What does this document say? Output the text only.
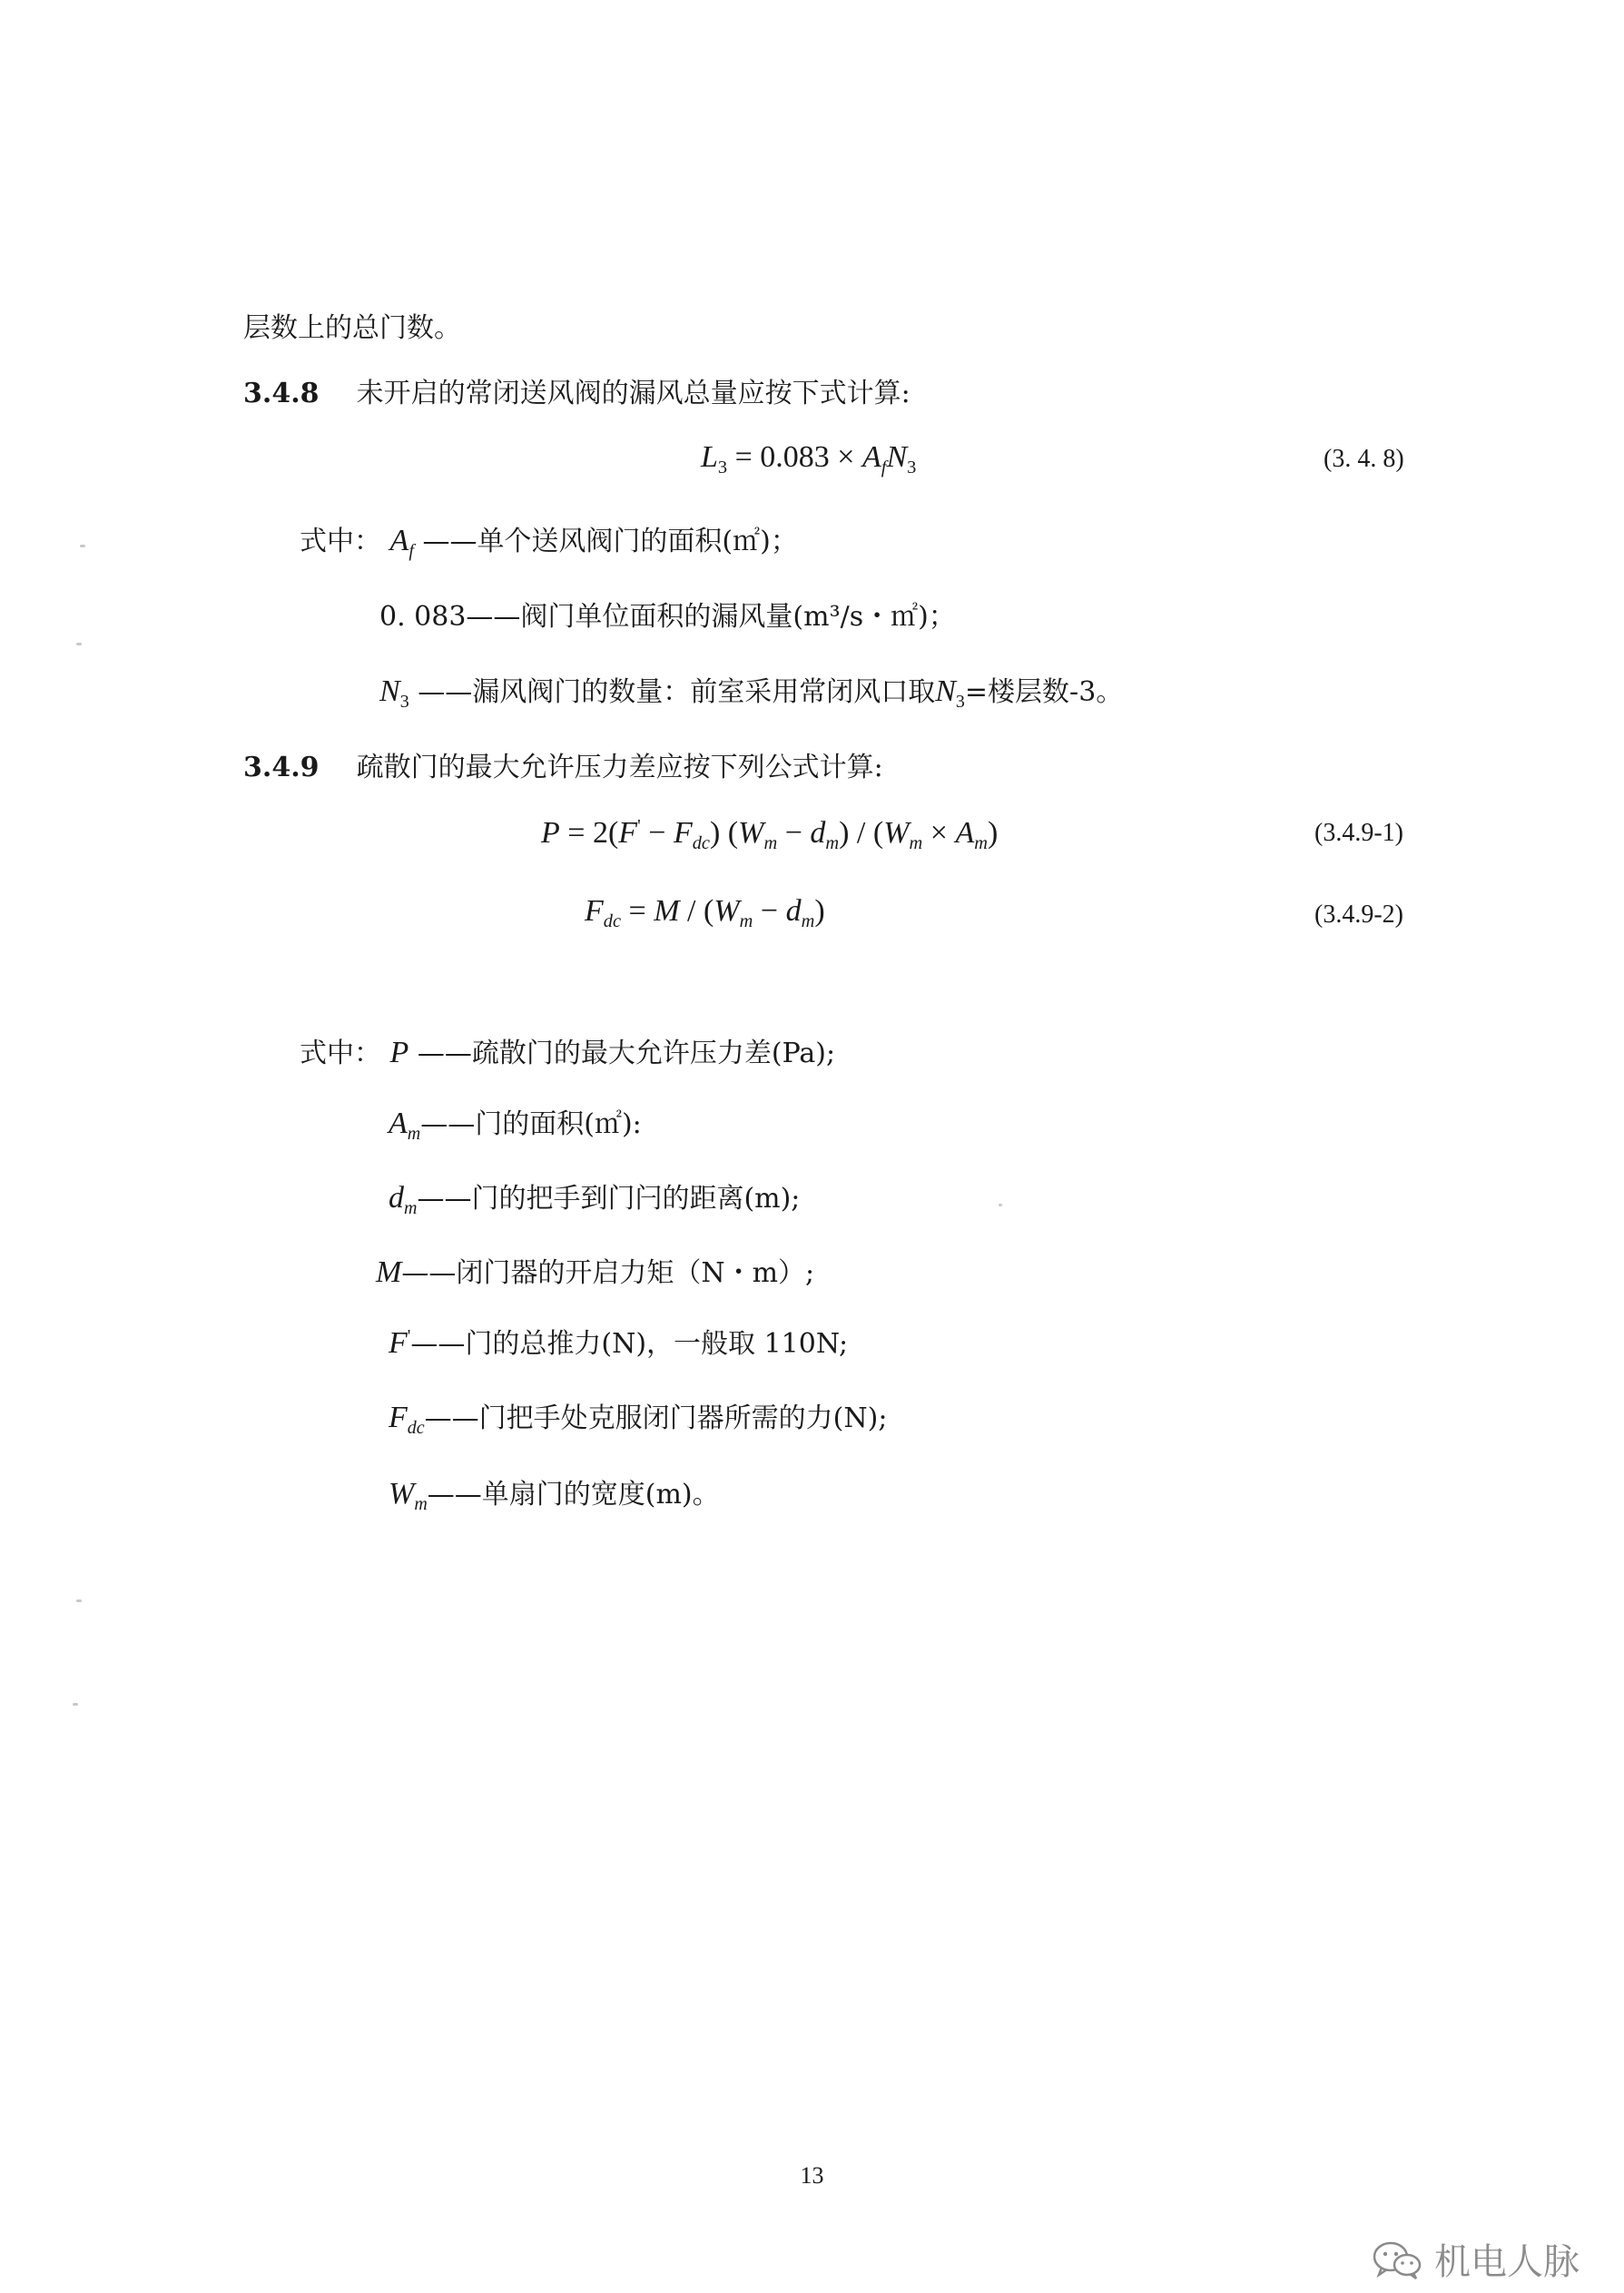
层数上的总门数。
3.4.8 未开启的常闭送风阀的漏风总量应按下式计算:
$L_3 = 0.083 \times A_fN_3$	(3. 4. 8)
式中： $A_f$ ——单个送风阀门的面积(㎡)；
0. 083——阀门单位面积的漏风量(m³/s・㎡)；
$N_3$ ——漏风阀门的数量：前室采用常闭风口取$N_3=$楼层数-3。
3.4.9 疏散门的最大允许压力差应按下列公式计算:
$P = 2(F' - F_{dc})$ $(W_m - d_m) / (W_m \times A_m)$	(3.4.9-1)
$F_{dc} = M / (W_m - d_m)$	(3.4.9-2)
式中： P ——疏散门的最大允许压力差(Pa);
$A_m——$门的面积(㎡):
$d_m——$门的把手到门闩的距离(m);
M——闭门器的开启力矩（N・m）;
F'——门的总推力(N)，一般取 110N;
$F_{dc}——$门把手处克服闭门器所需的力(N);
$W_m——$单扇门的宽度(m)。
13
机电人脉
